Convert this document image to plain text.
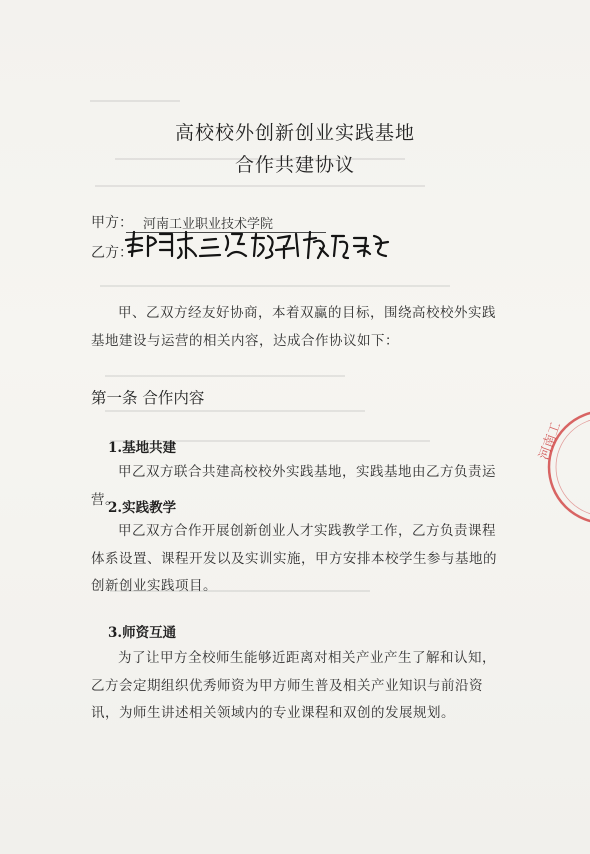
高校校外创新创业实践基地
合作共建协议
甲方： 河南工业职业技术学院
乙方：
甲、乙双方经友好协商，本着双赢的目标，围绕高校校外实践基地建设与运营的相关内容，达成合作协议如下：
第一条 合作内容
1.基地共建
甲乙双方联合共建高校校外实践基地，实践基地由乙方负责运营。
2.实践教学
甲乙双方合作开展创新创业人才实践教学工作，乙方负责课程体系设置、课程开发以及实训实施，甲方安排本校学生参与基地的创新创业实践项目。
3.师资互通
为了让甲方全校师生能够近距离对相关产业产生了解和认知，乙方会定期组织优秀师资为甲方师生普及相关产业知识与前沿资讯，为师生讲述相关领域内的专业课程和双创的发展规划。
河南工
